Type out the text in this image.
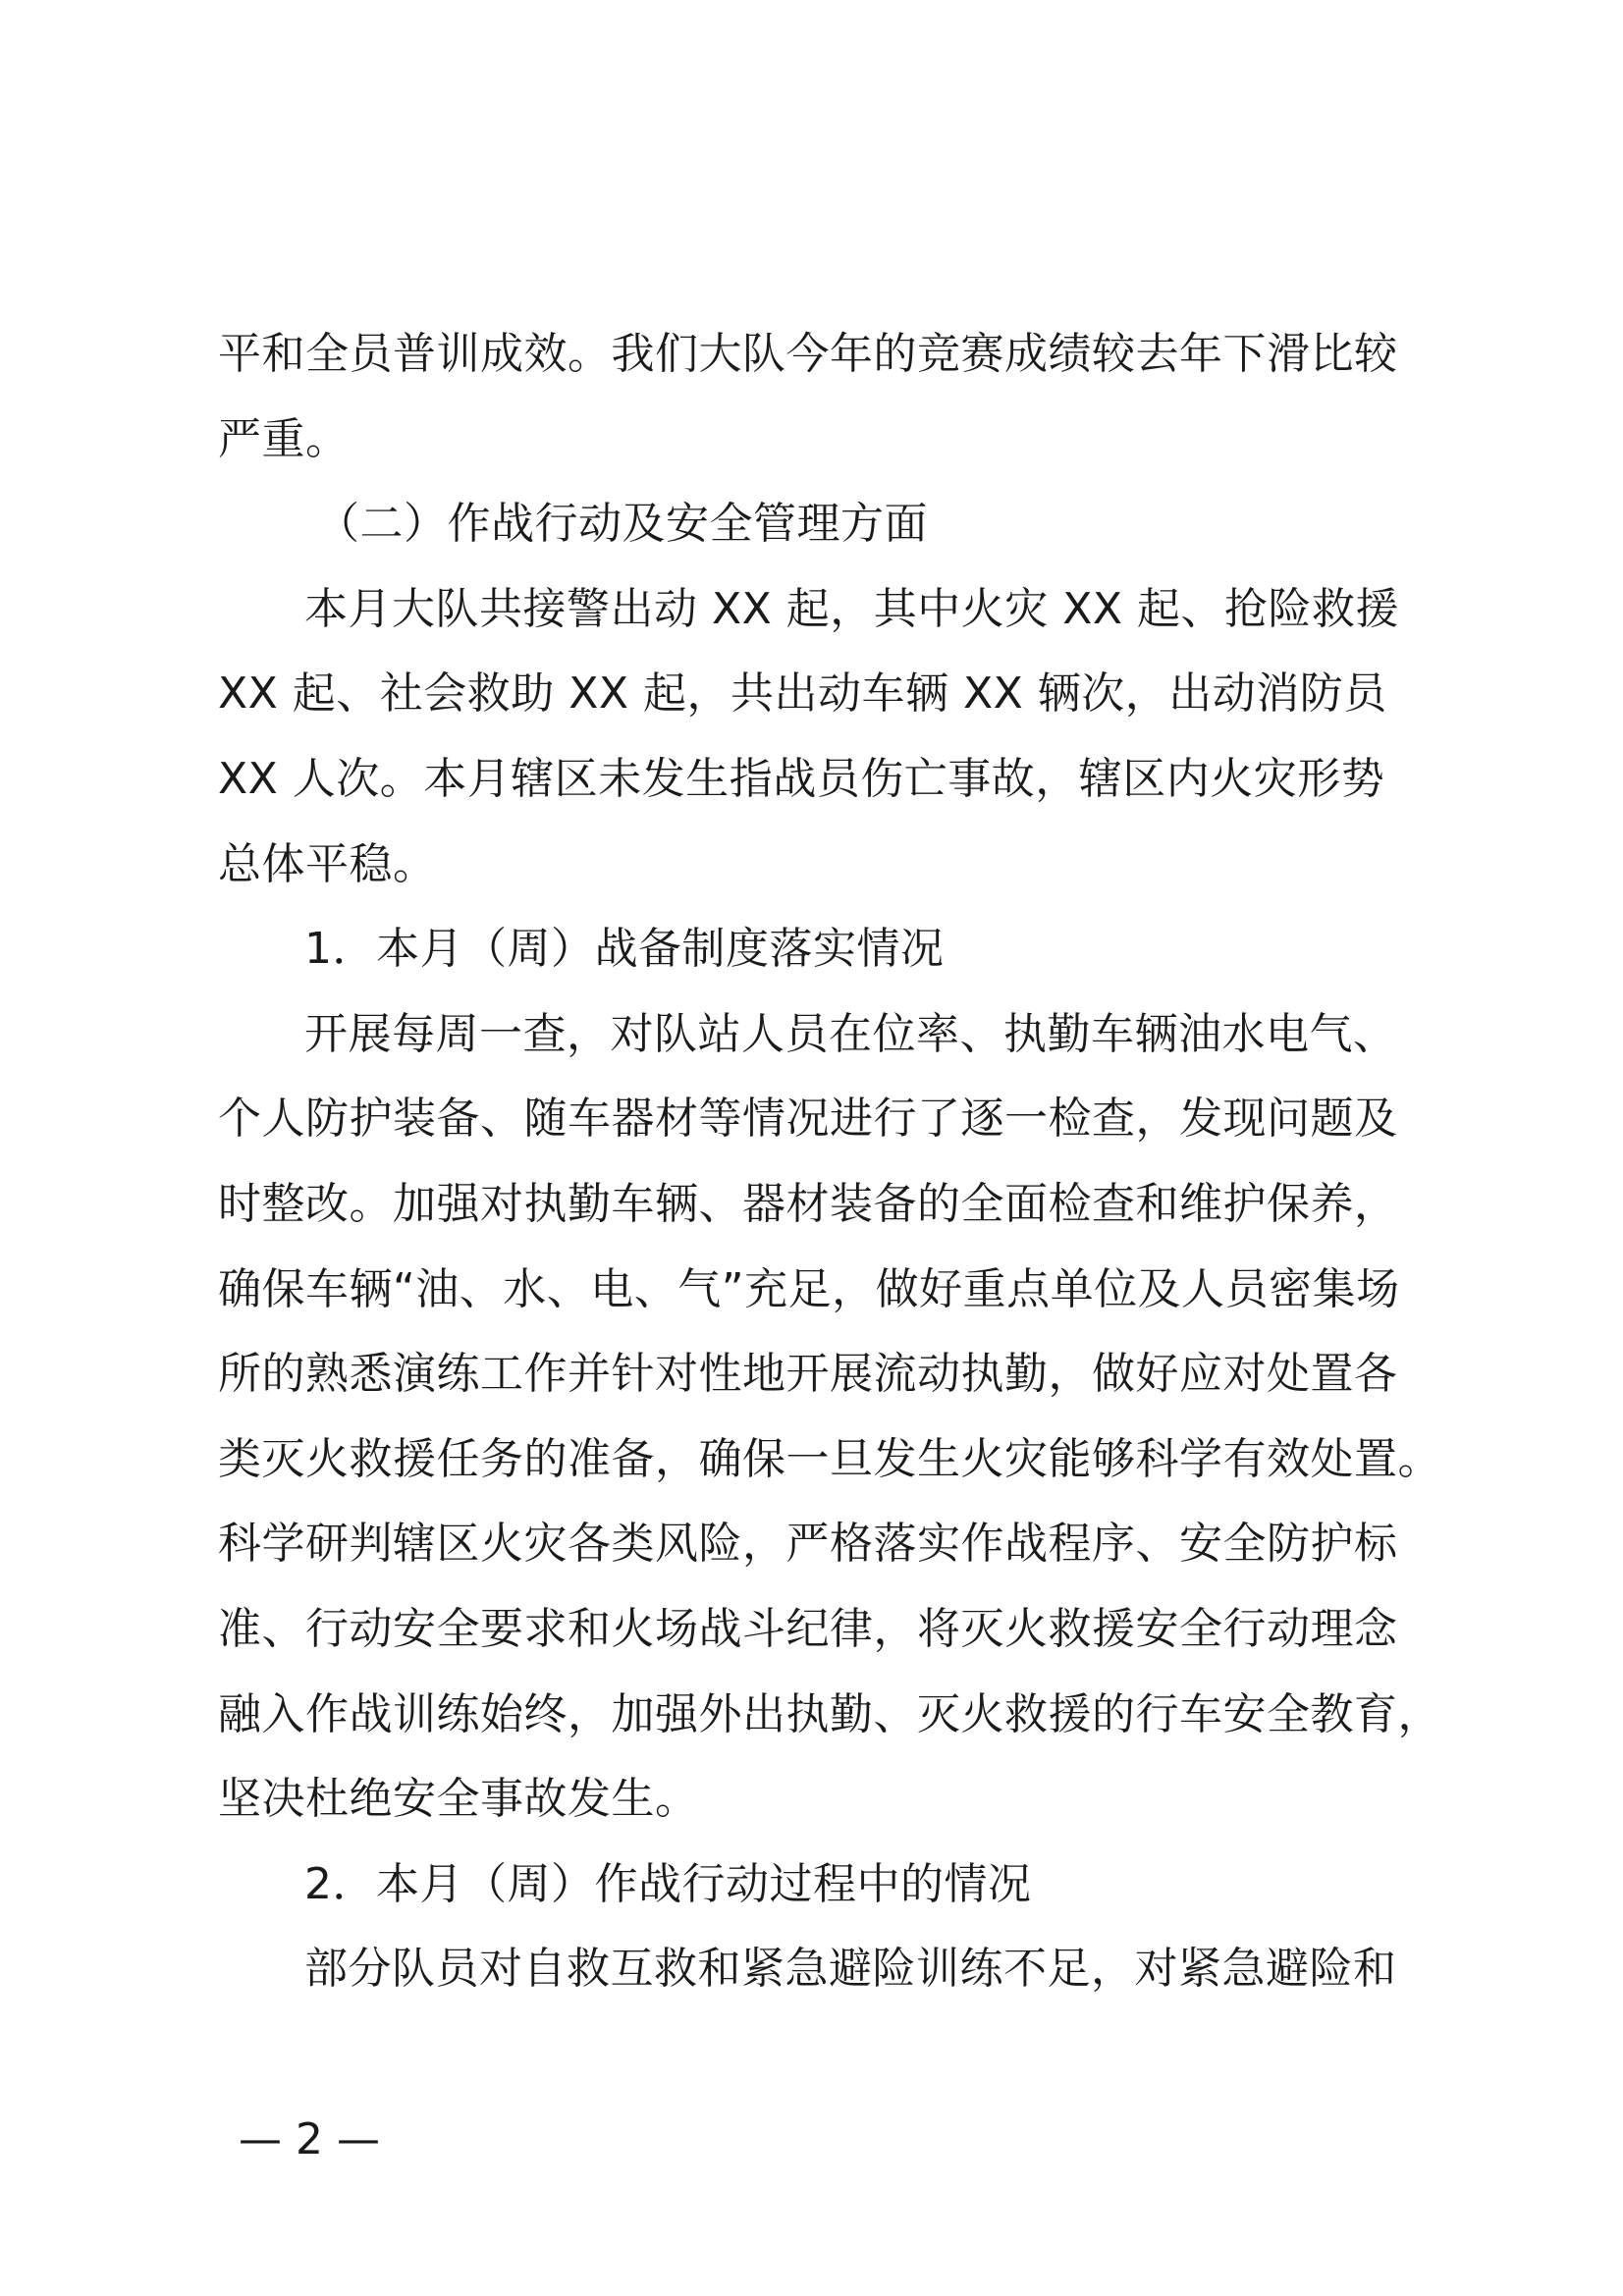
平和全员普训成效。我们大队今年的竞赛成绩较去年下滑比较
严重。
（二）作战行动及安全管理方面
本月大队共接警出动 XX 起，其中火灾 XX 起、抢险救援
XX 起、社会救助 XX 起，共出动车辆 XX 辆次，出动消防员
XX 人次。本月辖区未发生指战员伤亡事故，辖区内火灾形势
总体平稳。
1．本月（周）战备制度落实情况
开展每周一查，对队站人员在位率、执勤车辆油水电气、
个人防护装备、随车器材等情况进行了逐一检查，发现问题及
时整改。加强对执勤车辆、器材装备的全面检查和维护保养，
确保车辆“油、水、电、气”充足，做好重点单位及人员密集场
所的熟悉演练工作并针对性地开展流动执勤，做好应对处置各
类灭火救援任务的准备，确保一旦发生火灾能够科学有效处置。
科学研判辖区火灾各类风险，严格落实作战程序、安全防护标
准、行动安全要求和火场战斗纪律，将灭火救援安全行动理念
融入作战训练始终，加强外出执勤、灭火救援的行车安全教育，
坚决杜绝安全事故发生。
2．本月（周）作战行动过程中的情况
部分队员对自救互救和紧急避险训练不足，对紧急避险和
— 2 —
